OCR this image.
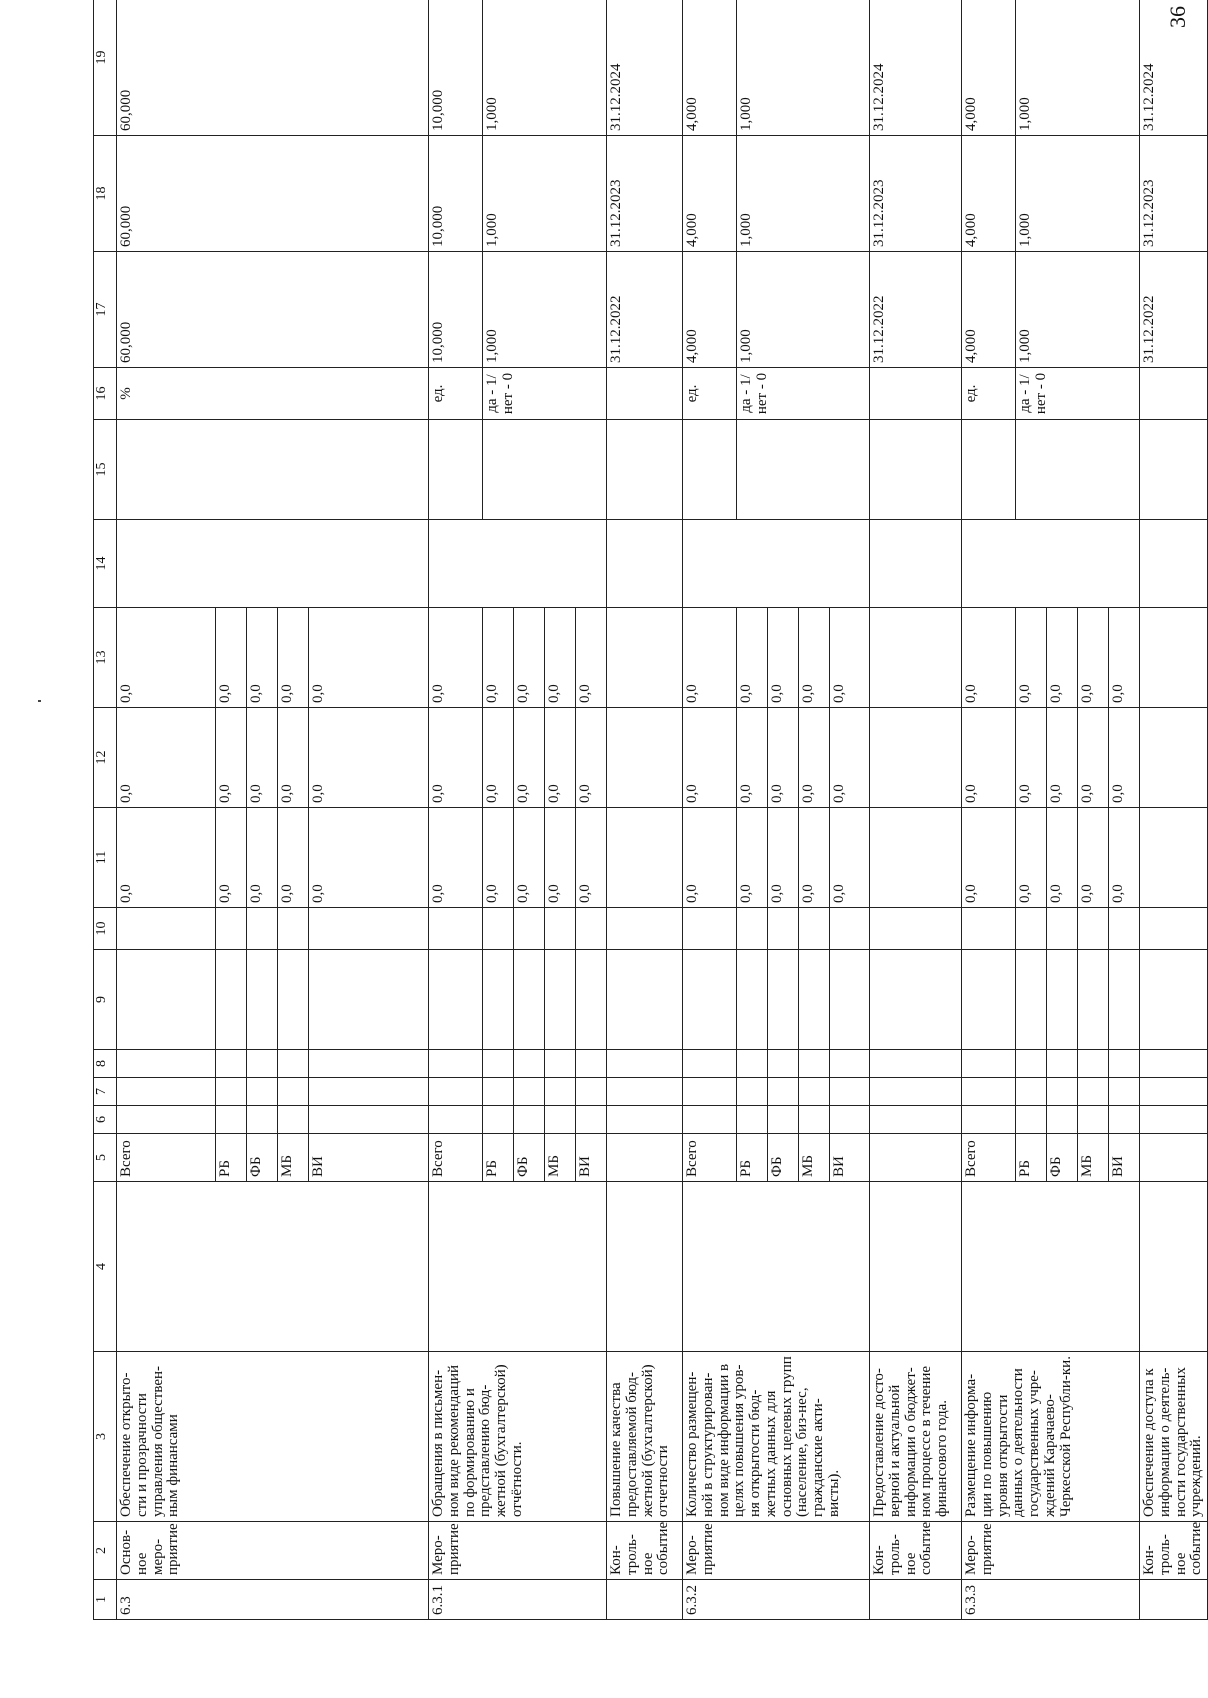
36
1	2	3	4	5	6	7	8	9	10	11	12	13	14	15	16	17	18	19
6.3	Основ-ное меро-приятие	Обеспечение открыто-сти и прозрачности управления обществен-ным финансами		Всего						0,0	0,0	0,0			%	60,000	60,000	60,000
				РБ						0,0	0,0	0,0						
				ФБ						0,0	0,0	0,0						
				МБ						0,0	0,0	0,0						
				ВИ						0,0	0,0	0,0						
6.3.1	Меро-приятие	Обращения в письмен-ном виде рекомендаций по формированию и представлению бюд-жетной (бухгалтерской) отчётности.		Всего						0,0	0,0	0,0			ед.	10,000	10,000	10,000
				РБ						0,0	0,0	0,0			да - 1/ нет - 0	1,000	1,000	1,000
				ФБ						0,0	0,0	0,0						
				МБ						0,0	0,0	0,0						
				ВИ						0,0	0,0	0,0						
	Кон-троль-ное событие	Повышение качества предоставляемой бюд-жетной (бухгалтерской) отчетности														31.12.2022	31.12.2023	31.12.2024
6.3.2	Меро-приятие	Количество размещен-ной в структурирован-ном виде информации в целях повышения уров-ня открытости бюд-жетных данных для основных целевых групп (население, биз-нес, гражданские акти-висты).		Всего						0,0	0,0	0,0			ед.	4,000	4,000	4,000
				РБ						0,0	0,0	0,0			да - 1/ нет - 0	1,000	1,000	1,000
				ФБ						0,0	0,0	0,0						
				МБ						0,0	0,0	0,0						
				ВИ						0,0	0,0	0,0						
	Кон-троль-ное событие	Предоставление досто-верной и актуальной информации о бюджет-ном процессе в течение финансового года.														31.12.2022	31.12.2023	31.12.2024
6.3.3	Меро-приятие	Размещение информа-ции по повышению уровня открытости данных о деятельности государственных учре-ждений Карачаево-Черкесской Республи-ки.		Всего						0,0	0,0	0,0			ед.	4,000	4,000	4,000
				РБ						0,0	0,0	0,0			да - 1/ нет - 0	1,000	1,000	1,000
				ФБ						0,0	0,0	0,0						
				МБ						0,0	0,0	0,0						
				ВИ						0,0	0,0	0,0						
	Кон-троль-ное событие	Обеспечение доступа к информации о деятель-ности государственных учреждений.														31.12.2022	31.12.2023	31.12.2024
